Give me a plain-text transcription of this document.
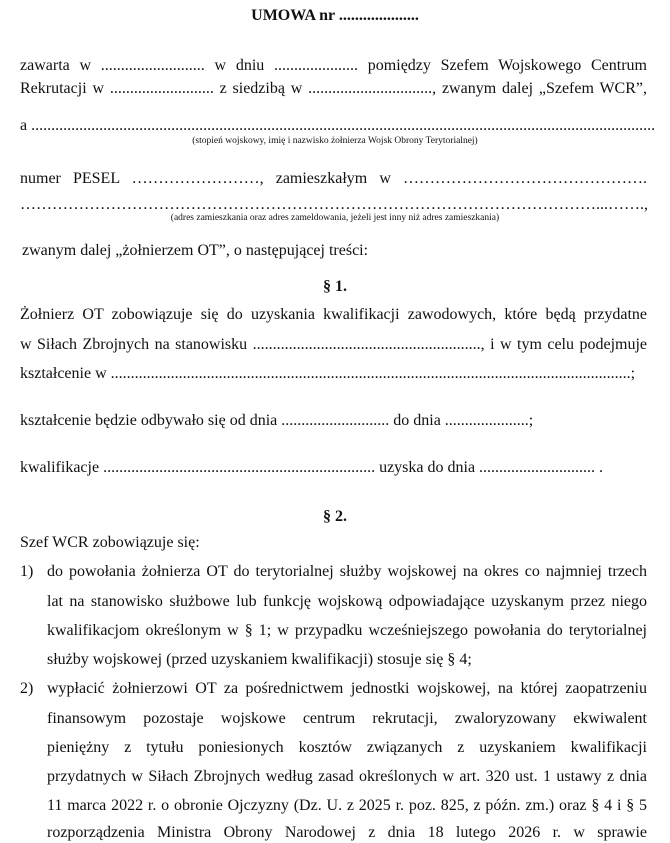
UMOWA nr ....................
zawarta w .......................... w dniu ..................... pomiędzy Szefem Wojskowego Centrum
Rekrutacji w .......................... z siedzibą w ..............................., zwanym dalej „Szefem WCR”,
a ............................................................................................................................................................
(stopień wojskowy, imię i nazwisko żołnierza Wojsk Obrony Terytorialnej)
numer PESEL ……………………, zamieszkałym w ……………………………………….
………………………………………………………………………………………………...…….,
(adres zamieszkania oraz adres zameldowania, jeżeli jest inny niż adres zamieszkania)
zwanym dalej „żołnierzem OT”, o następującej treści:
§ 1.
Żołnierz OT zobowiązuje się do uzyskania kwalifikacji zawodowych, które będą przydatne
w Siłach Zbrojnych na stanowisku ........................................................., i w tym celu podejmuje
kształcenie w ..................................................................................................................................;
kształcenie będzie odbywało się od dnia ........................... do dnia .....................;
kwalifikacje .................................................................... uzyska do dnia ............................. .
§ 2.
Szef WCR zobowiązuje się:
1) do powołania żołnierza OT do terytorialnej służby wojskowej na okres co najmniej trzech
lat na stanowisko służbowe lub funkcję wojskową odpowiadające uzyskanym przez niego
kwalifikacjom określonym w § 1; w przypadku wcześniejszego powołania do terytorialnej
służby wojskowej (przed uzyskaniem kwalifikacji) stosuje się § 4;
2) wypłacić żołnierzowi OT za pośrednictwem jednostki wojskowej, na której zaopatrzeniu
finansowym pozostaje wojskowe centrum rekrutacji, zwaloryzowany ekwiwalent
pieniężny z tytułu poniesionych kosztów związanych z uzyskaniem kwalifikacji
przydatnych w Siłach Zbrojnych według zasad określonych w art. 320 ust. 1 ustawy z dnia
11 marca 2022 r. o obronie Ojczyzny (Dz. U. z 2025 r. poz. 825, z późn. zm.) oraz § 4 i § 5
rozporządzenia Ministra Obrony Narodowej z dnia 18 lutego 2026 r. w sprawie
